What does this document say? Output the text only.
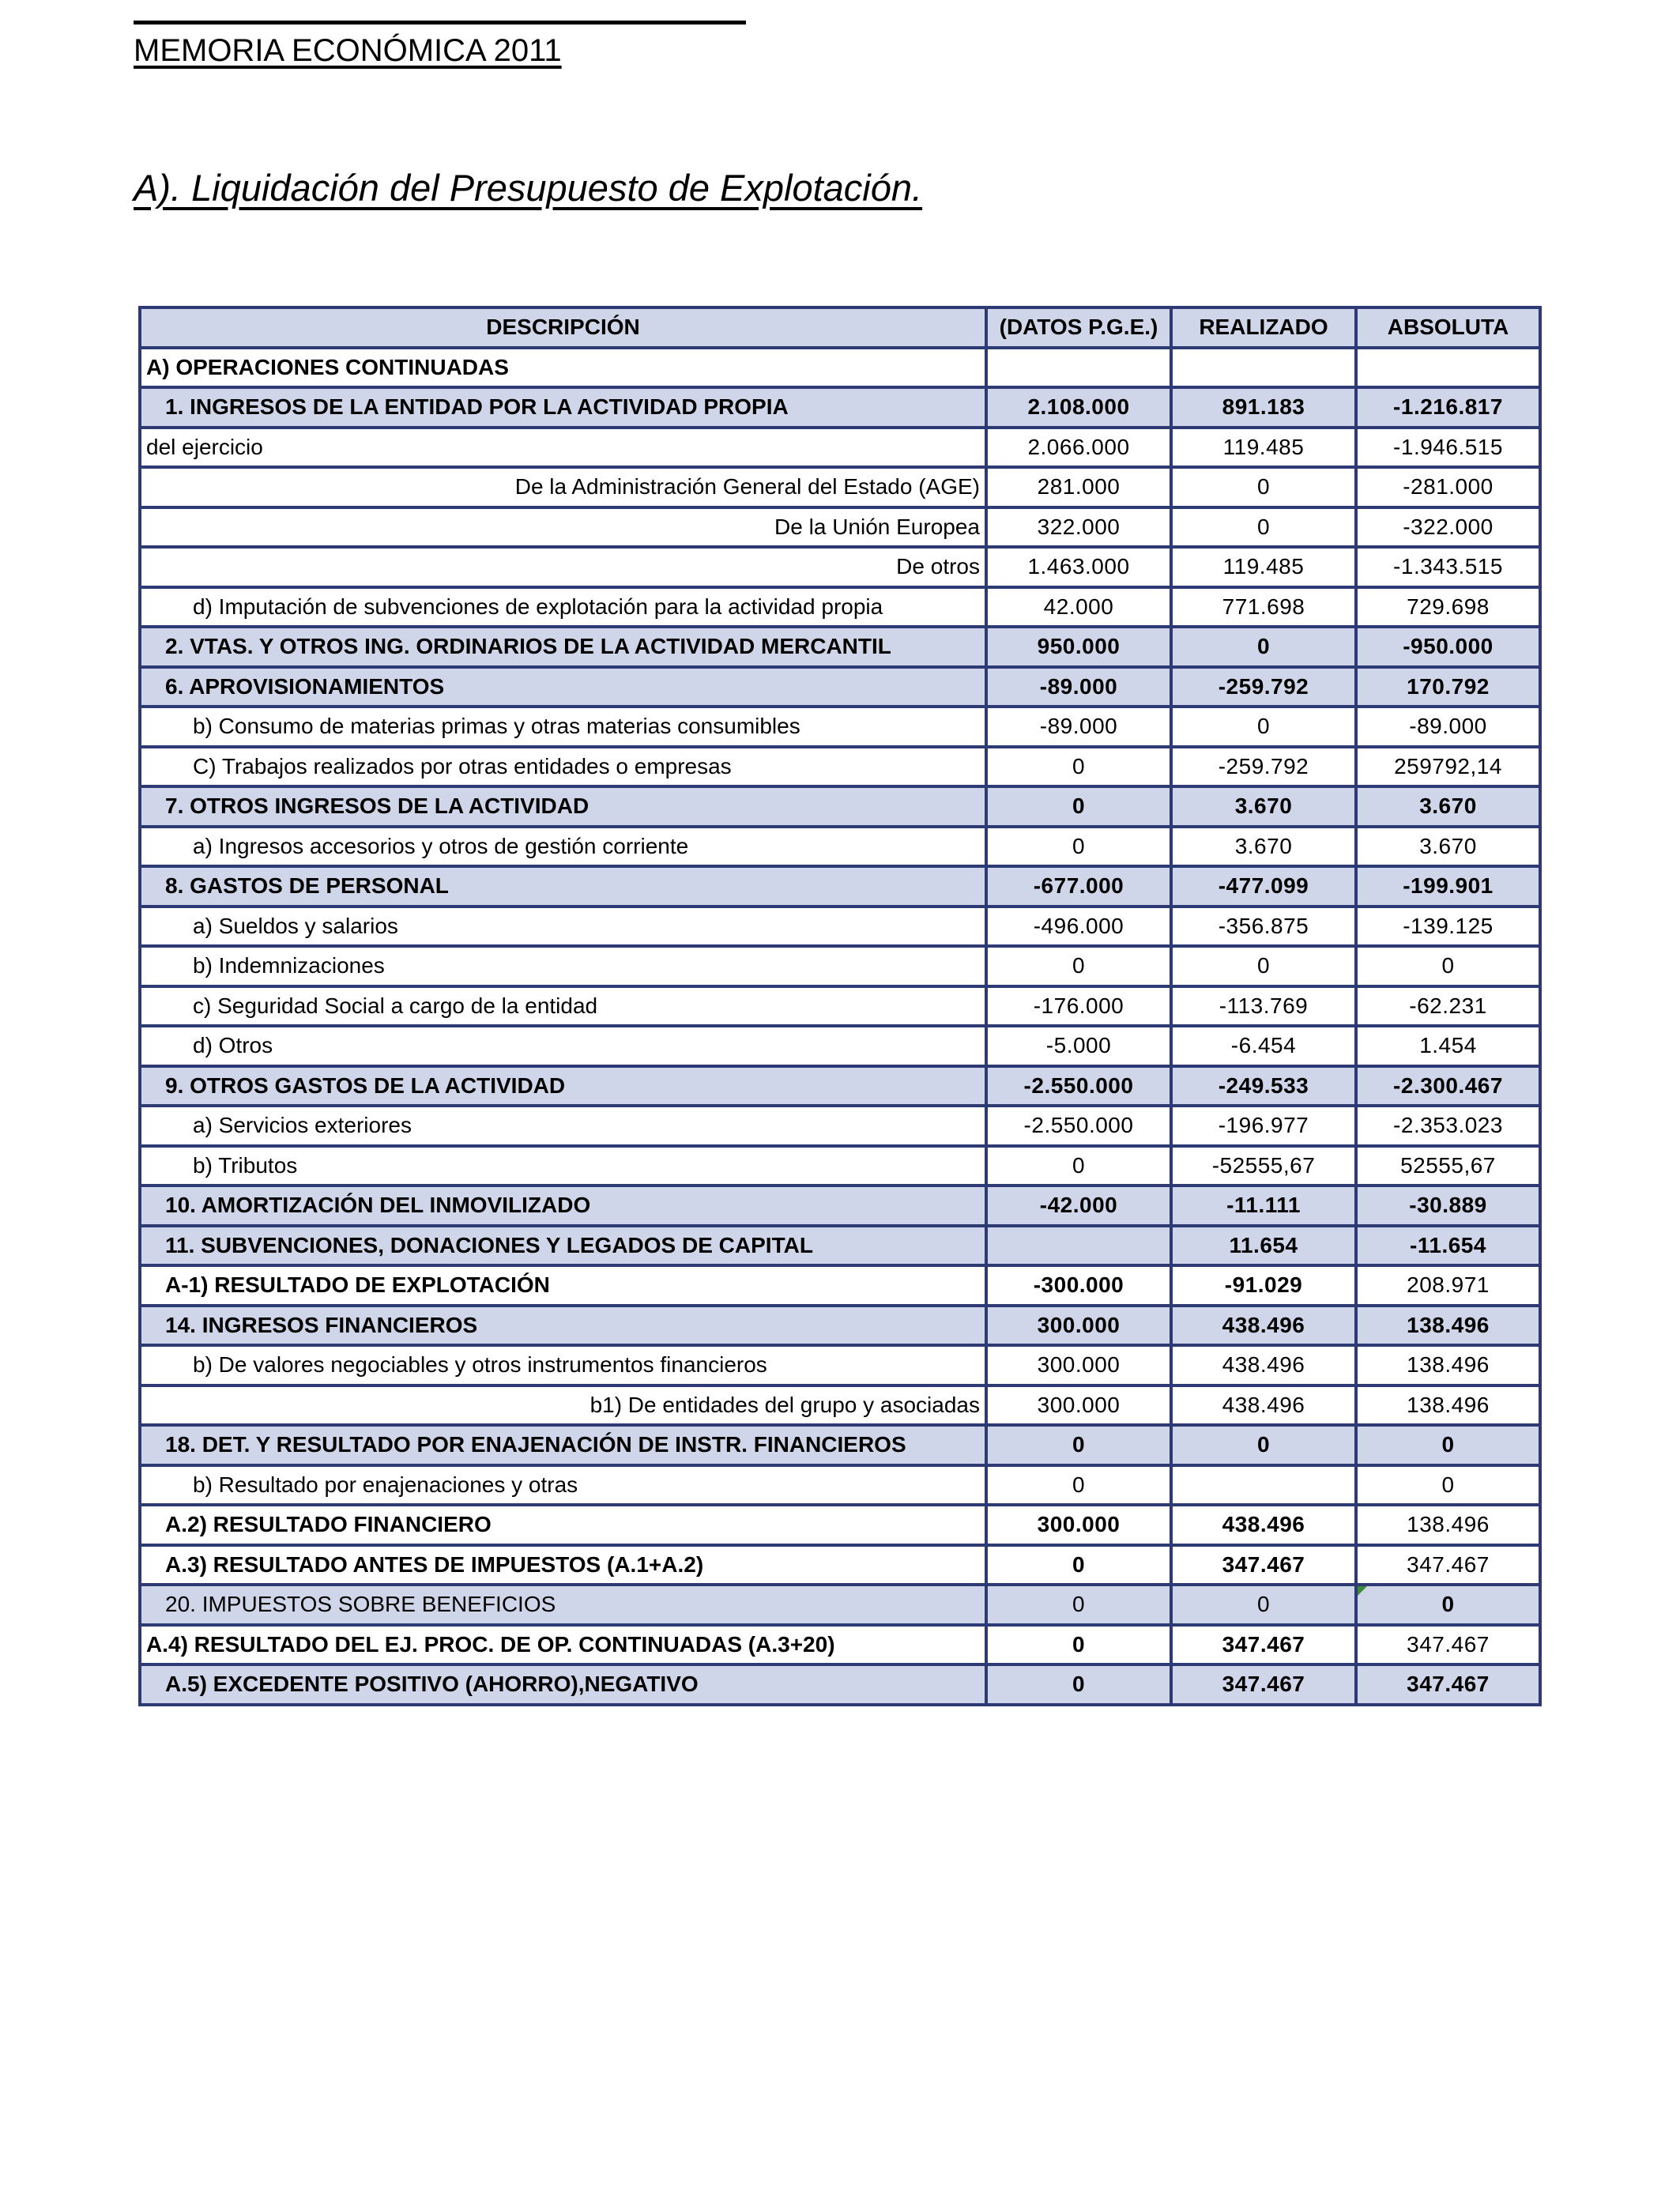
MEMORIA ECONÓMICA 2011
A). Liquidación del Presupuesto de Explotación.
DESCRIPCIÓN	(DATOS P.G.E.)	REALIZADO	ABSOLUTA
A) OPERACIONES CONTINUADAS			
1. INGRESOS DE LA ENTIDAD POR LA ACTIVIDAD PROPIA	2.108.000	891.183	-1.216.817
del ejercicio	2.066.000	119.485	-1.946.515
De la Administración General del Estado (AGE)	281.000	0	-281.000
De la Unión Europea	322.000	0	-322.000
De otros	1.463.000	119.485	-1.343.515
d) Imputación de subvenciones de explotación para la actividad propia	42.000	771.698	729.698
2. VTAS. Y OTROS ING. ORDINARIOS DE LA ACTIVIDAD MERCANTIL	950.000	0	-950.000
6. APROVISIONAMIENTOS	-89.000	-259.792	170.792
b) Consumo de materias primas y otras materias consumibles	-89.000	0	-89.000
C) Trabajos realizados por otras entidades o empresas	0	-259.792	259792,14
7. OTROS INGRESOS DE LA ACTIVIDAD	0	3.670	3.670
a) Ingresos accesorios y otros de gestión corriente	0	3.670	3.670
8. GASTOS DE PERSONAL	-677.000	-477.099	-199.901
a) Sueldos y salarios	-496.000	-356.875	-139.125
b) Indemnizaciones	0	0	0
c) Seguridad Social a cargo de la entidad	-176.000	-113.769	-62.231
d) Otros	-5.000	-6.454	1.454
9. OTROS GASTOS DE LA ACTIVIDAD	-2.550.000	-249.533	-2.300.467
a) Servicios exteriores	-2.550.000	-196.977	-2.353.023
b) Tributos	0	-52555,67	52555,67
10. AMORTIZACIÓN DEL INMOVILIZADO	-42.000	-11.111	-30.889
11. SUBVENCIONES, DONACIONES Y LEGADOS DE CAPITAL		11.654	-11.654
A-1) RESULTADO DE EXPLOTACIÓN	-300.000	-91.029	208.971
14. INGRESOS FINANCIEROS	300.000	438.496	138.496
b) De valores negociables y otros instrumentos financieros	300.000	438.496	138.496
b1) De entidades del grupo y asociadas	300.000	438.496	138.496
18. DET. Y RESULTADO POR ENAJENACIÓN DE INSTR. FINANCIEROS	0	0	0
b) Resultado por enajenaciones y otras	0		0
A.2) RESULTADO FINANCIERO	300.000	438.496	138.496
A.3) RESULTADO ANTES DE IMPUESTOS (A.1+A.2)	0	347.467	347.467
20. IMPUESTOS SOBRE BENEFICIOS	0	0	0
A.4) RESULTADO DEL EJ. PROC. DE OP. CONTINUADAS (A.3+20)	0	347.467	347.467
A.5) EXCEDENTE POSITIVO (AHORRO),NEGATIVO	0	347.467	347.467
